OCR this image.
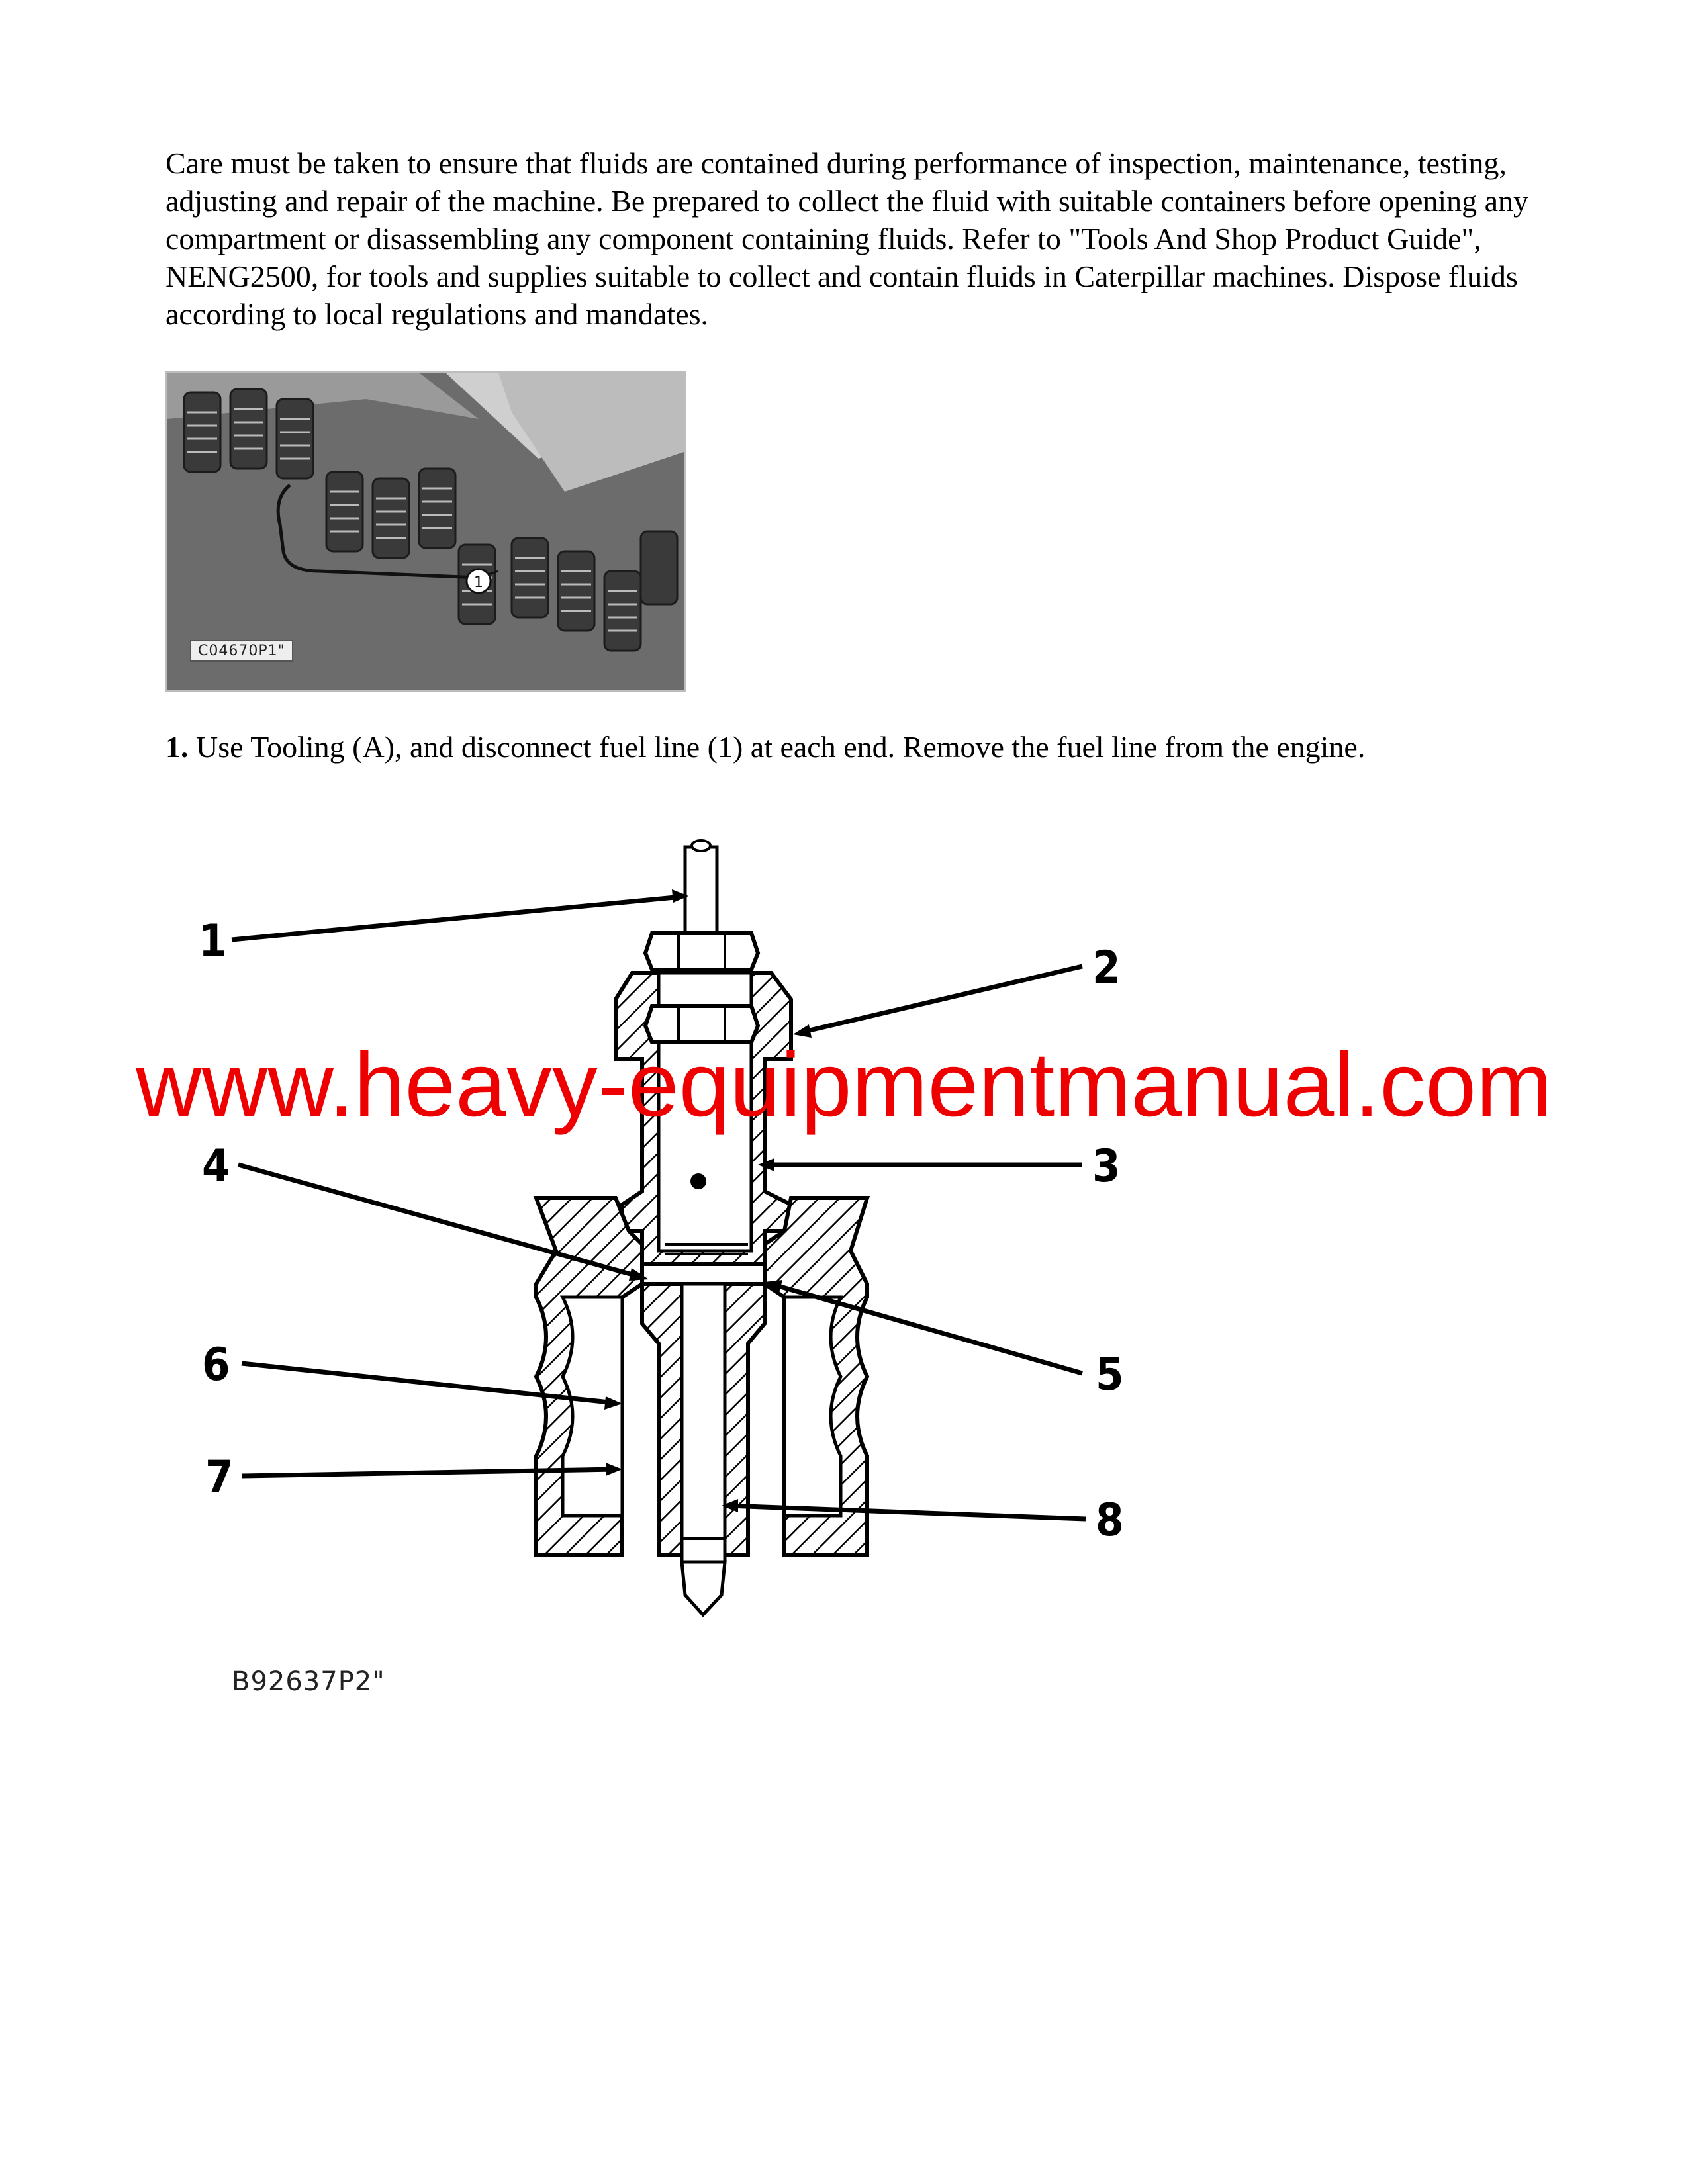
Care must be taken to ensure that fluids are contained during performance of inspection, maintenance, testing, adjusting and repair of the machine. Be prepared to collect the fluid with suitable containers before opening any compartment or disassembling any component containing fluids. Refer to "Tools And Shop Product Guide", NENG2500, for tools and supplies suitable to collect and contain fluids in Caterpillar machines. Dispose fluids according to local regulations and mandates.

1
C04670P1"
1. Use Tooling (A), and disconnect fuel line (1) at each end. Remove the fuel line from the engine.
1
2
3
4
5
6
7
8
B92637P2"
www.heavy-equipmentmanual.com
